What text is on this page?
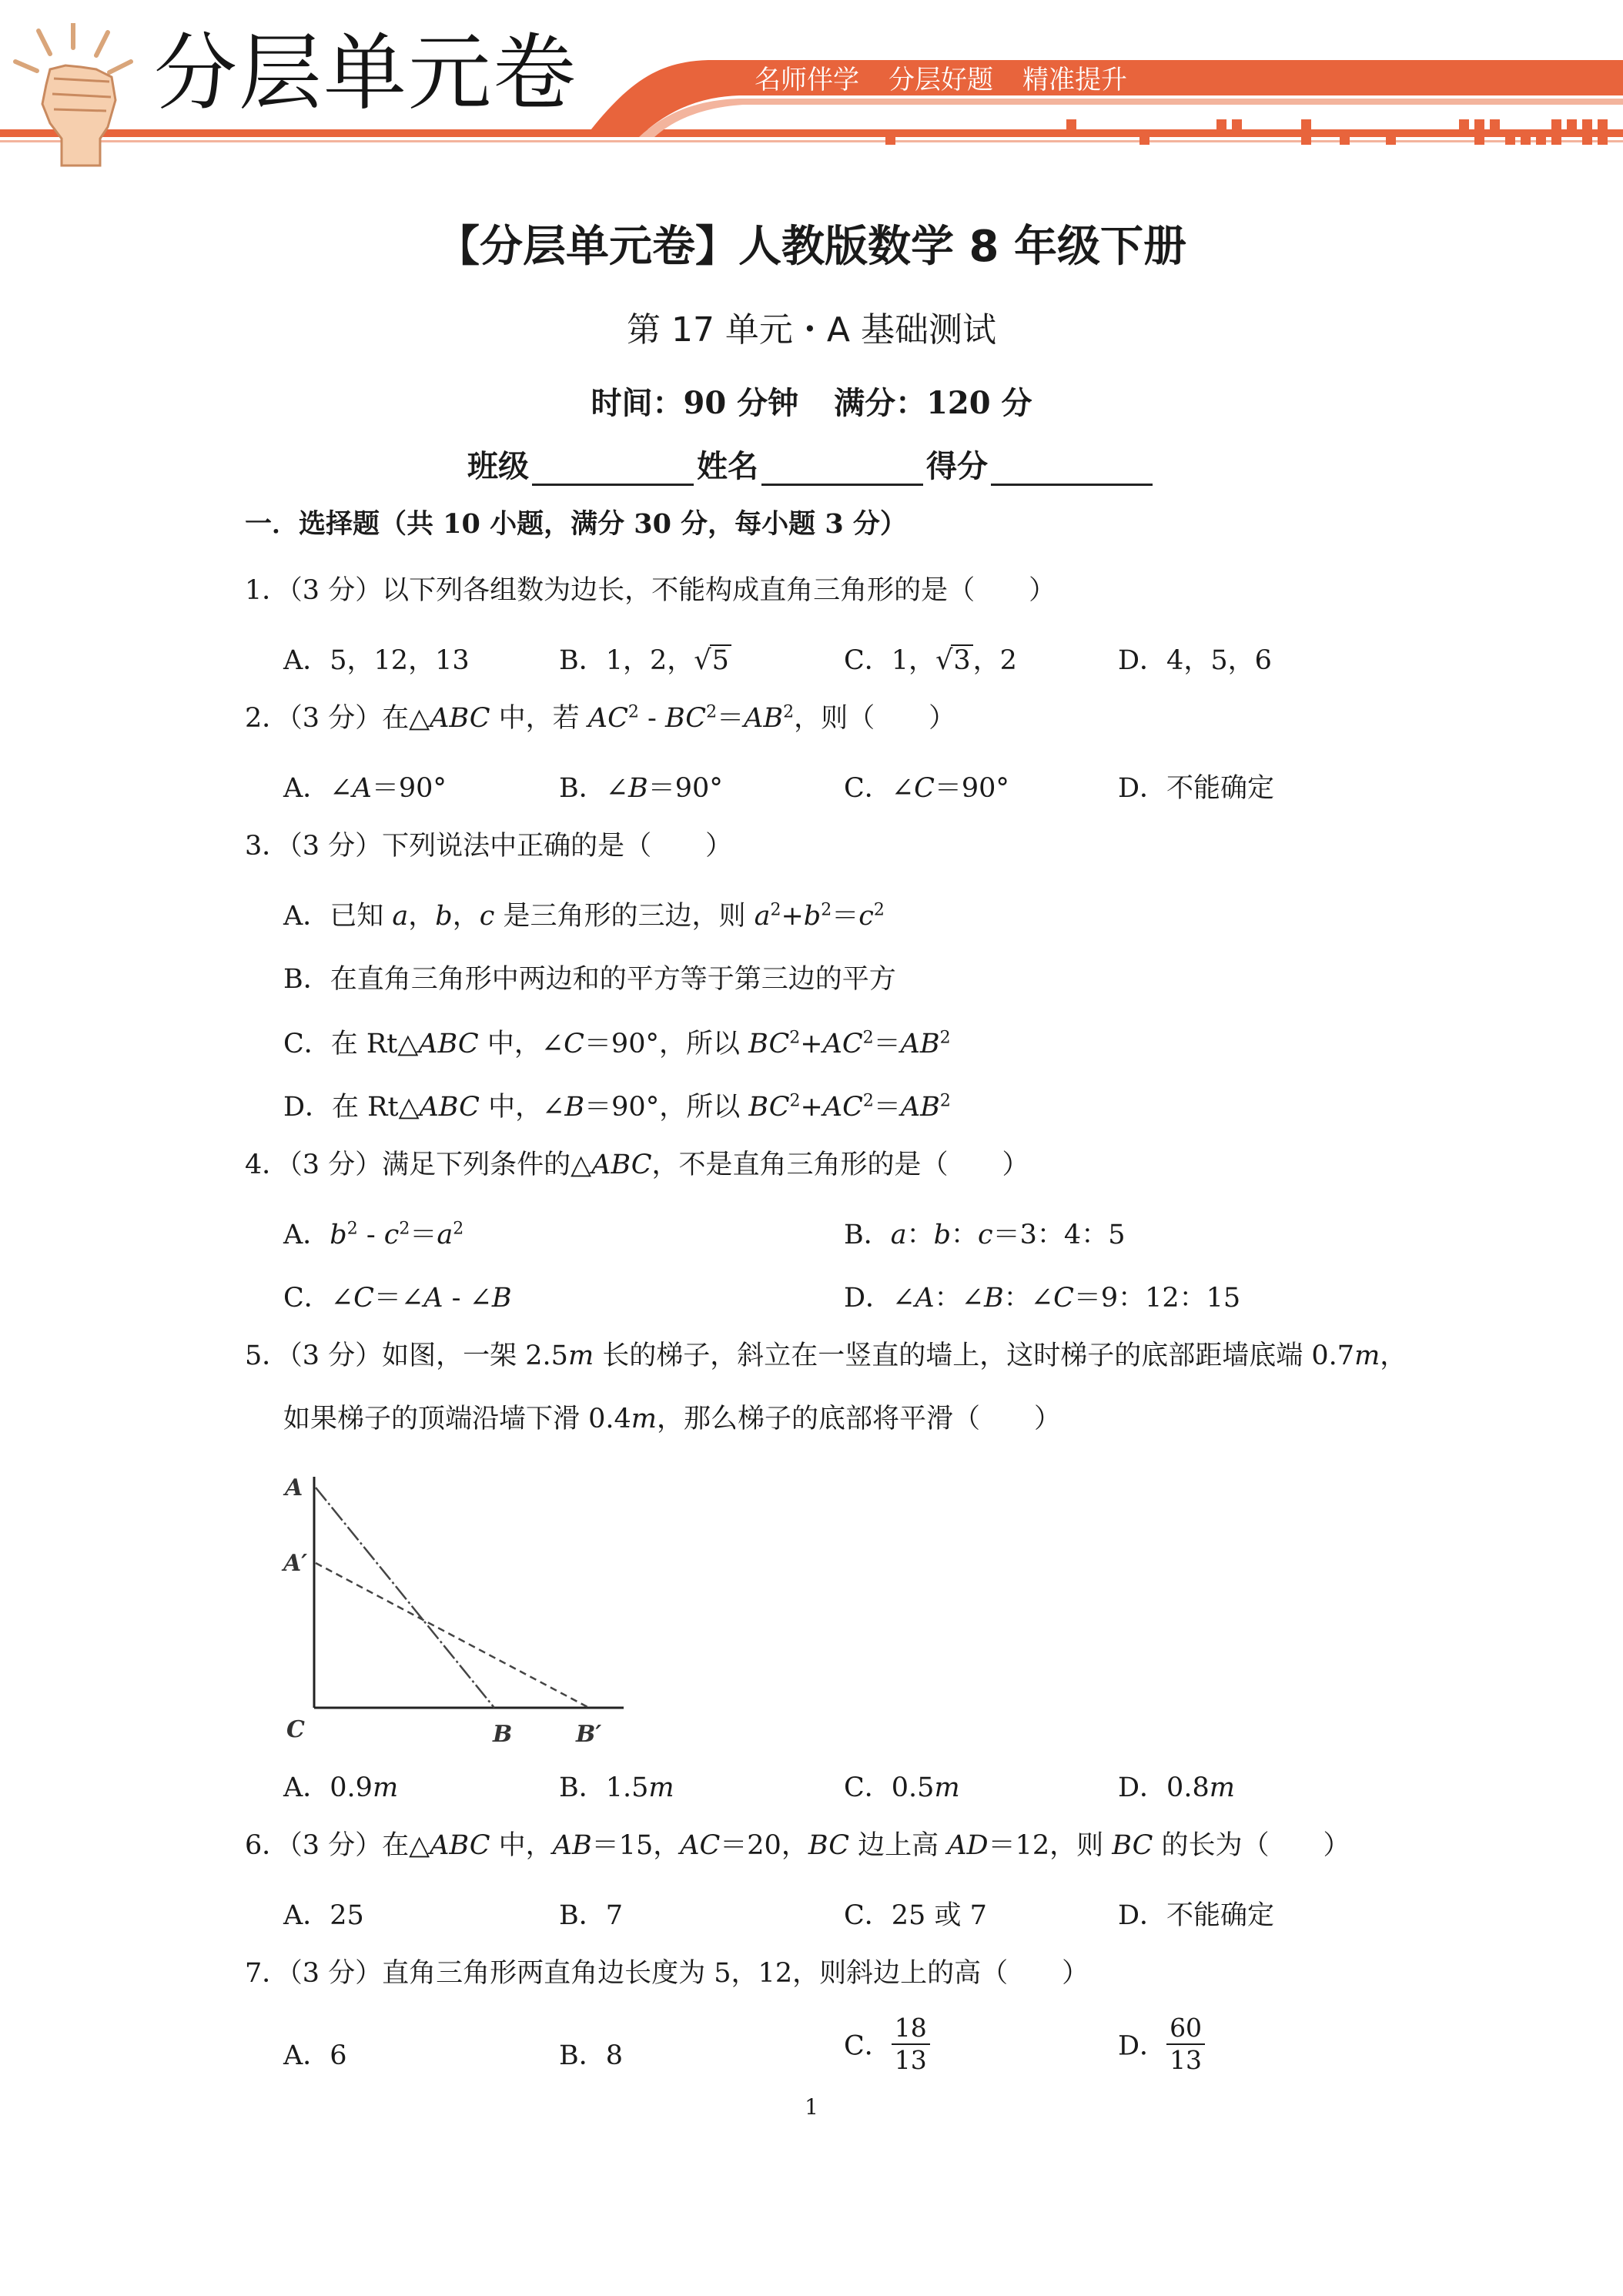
分层单元卷	名师伴学 分层好题 精准提升
【分层单元卷】人教版数学 8 年级下册
第 17 单元・A 基础测试
时间：90 分钟 满分：120 分
班级	姓名	得分
一．选择题（共 10 小题，满分 30 分，每小题 3 分）
1．（3 分）以下列各组数为边长，不能构成直角三角形的是（　　）
A．5，12，13	B．1，2，√5	C．1，√3，2	D．4，5，6
2．（3 分）在△ABC 中，若 $AC^2 - BC^2=AB^2$，则（　　）
A．∠A＝90°	B．∠B＝90°	C．∠C＝90°	D．不能确定
3．（3 分）下列说法中正确的是（　　）
A．已知 a，b，c 是三角形的三边，则 $a^2+b^2=c^2$
B．在直角三角形中两边和的平方等于第三边的平方
C．在 Rt△ABC 中，∠C＝90°，所以 $BC^2+AC^2=AB^2$
D．在 Rt△ABC 中，∠B＝90°，所以 $BC^2+AC^2=AB^2$
4．（3 分）满足下列条件的△ABC，不是直角三角形的是（　　）
A．$b^2 - c^2=a^2$	B．a：b：c＝3：4：5
C．∠C＝∠A - ∠B	D．∠A：∠B：∠C＝9：12：15
5．（3 分）如图，一架 2.5m 长的梯子，斜立在一竖直的墙上，这时梯子的底部距墙底端 0.7m，
如果梯子的顶端沿墙下滑 0.4m，那么梯子的底部将平滑（　　）
A
A′
C	B	B′
A．0.9m	B．1.5m	C．0.5m	D．0.8m
6．（3 分）在△ABC 中，AB＝15，AC＝20，BC 边上高 AD＝12，则 BC 的长为（　　）
A．25	B．7	C．25 或 7	D．不能确定
7．（3 分）直角三角形两直角边长度为 5，12，则斜边上的高（　　）
A．6	B．8	C． $\frac{18}{13}$	D． $\frac{60}{13}$
1
